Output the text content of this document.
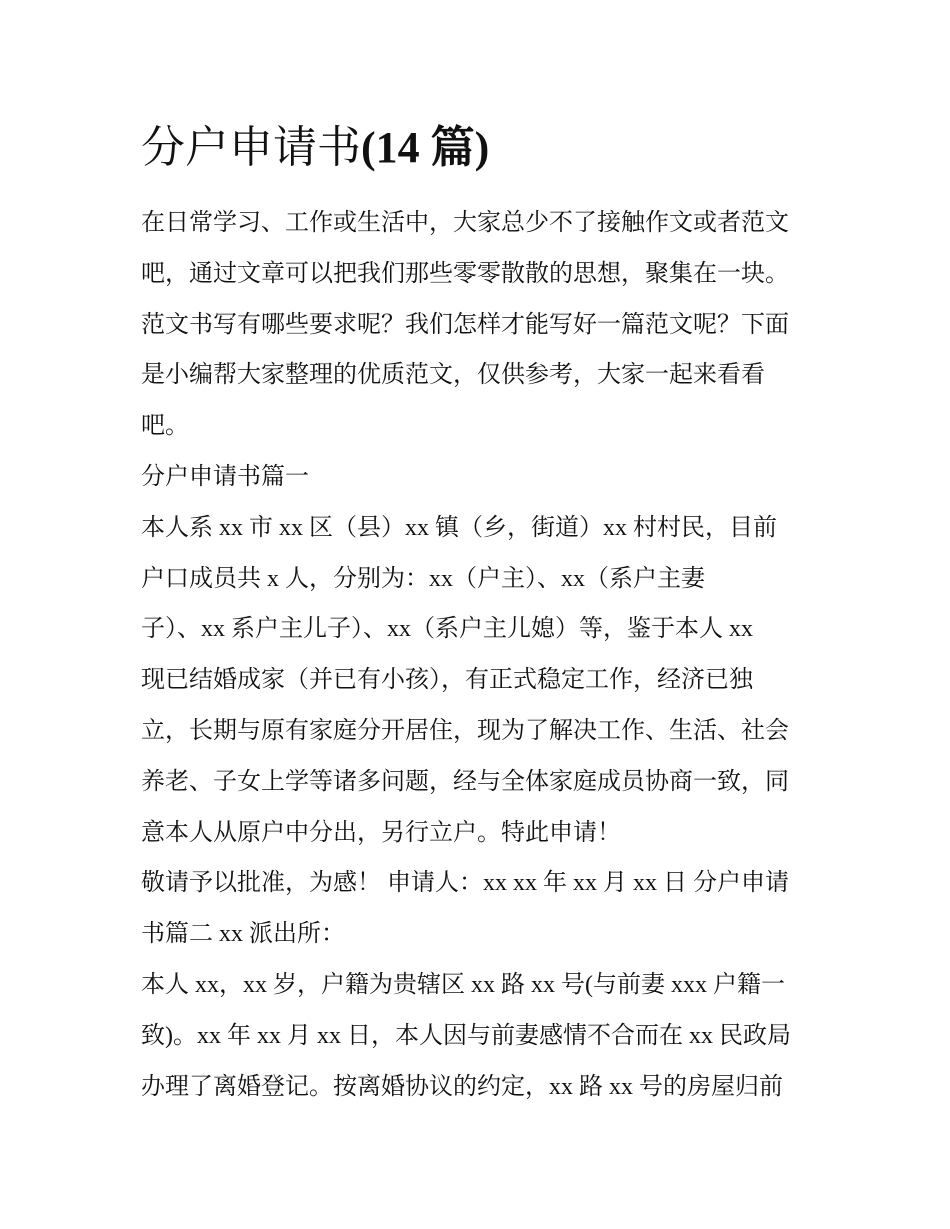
分户申请书(14 篇)
在日常学习、工作或生活中，大家总少不了接触作文或者范文
吧，通过文章可以把我们那些零零散散的思想，聚集在一块。
范文书写有哪些要求呢？我们怎样才能写好一篇范文呢？下面
是小编帮大家整理的优质范文，仅供参考，大家一起来看看
吧。
分户申请书篇一
本人系 xx 市 xx 区（县）xx 镇（乡，街道）xx 村村民，目前
户口成员共 x 人，分别为：xx（户主）、xx（系户主妻
子）、xx 系户主儿子）、xx（系户主儿媳）等，鉴于本人 xx
现已结婚成家（并已有小孩），有正式稳定工作，经济已独
立，长期与原有家庭分开居住，现为了解决工作、生活、社会
养老、子女上学等诸多问题，经与全体家庭成员协商一致，同
意本人从原户中分出，另行立户。特此申请！
敬请予以批准，为感！ 申请人：xx xx 年 xx 月 xx 日 分户申请
书篇二 xx 派出所：
本人 xx，xx 岁，户籍为贵辖区 xx 路 xx 号(与前妻 xxx 户籍一
致)。xx 年 xx 月 xx 日，本人因与前妻感情不合而在 xx 民政局
办理了离婚登记。按离婚协议的约定，xx 路 xx 号的房屋归前
